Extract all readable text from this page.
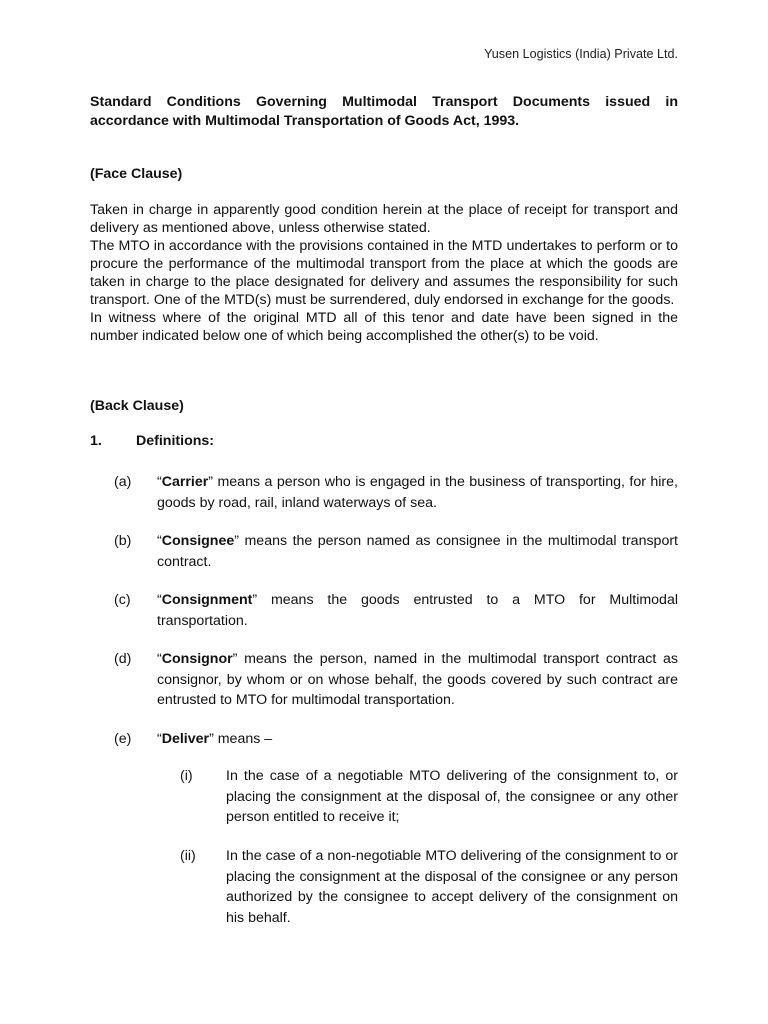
Yusen Logistics (India) Private Ltd.
Standard Conditions Governing Multimodal Transport Documents issued in accordance with Multimodal Transportation of Goods Act, 1993.
(Face Clause)

Taken in charge in apparently good condition herein at the place of receipt for transport and delivery as mentioned above, unless otherwise stated.

The MTO in accordance with the provisions contained in the MTD undertakes to perform or to procure the performance of the multimodal transport from the place at which the goods are taken in charge to the place designated for delivery and assumes the responsibility for such transport. One of the MTD(s) must be surrendered, duly endorsed in exchange for the goods.

In witness where of the original MTD all of this tenor and date have been signed in the number indicated below one of which being accomplished the other(s) to be void.

(Back Clause)
1. Definitions:
(a) “Carrier” means a person who is engaged in the business of transporting, for hire, goods by road, rail, inland waterways of sea.
(b) “Consignee” means the person named as consignee in the multimodal transport contract.
(c) “Consignment” means the goods entrusted to a MTO for Multimodal transportation.
(d) “Consignor” means the person, named in the multimodal transport contract as consignor, by whom or on whose behalf, the goods covered by such contract are entrusted to MTO for multimodal transportation.
(e) “Deliver” means –
(i) In the case of a negotiable MTO delivering of the consignment to, or placing the consignment at the disposal of, the consignee or any other person entitled to receive it;
(ii) In the case of a non-negotiable MTO delivering of the consignment to or placing the consignment at the disposal of the consignee or any person authorized by the consignee to accept delivery of the consignment on his behalf.
